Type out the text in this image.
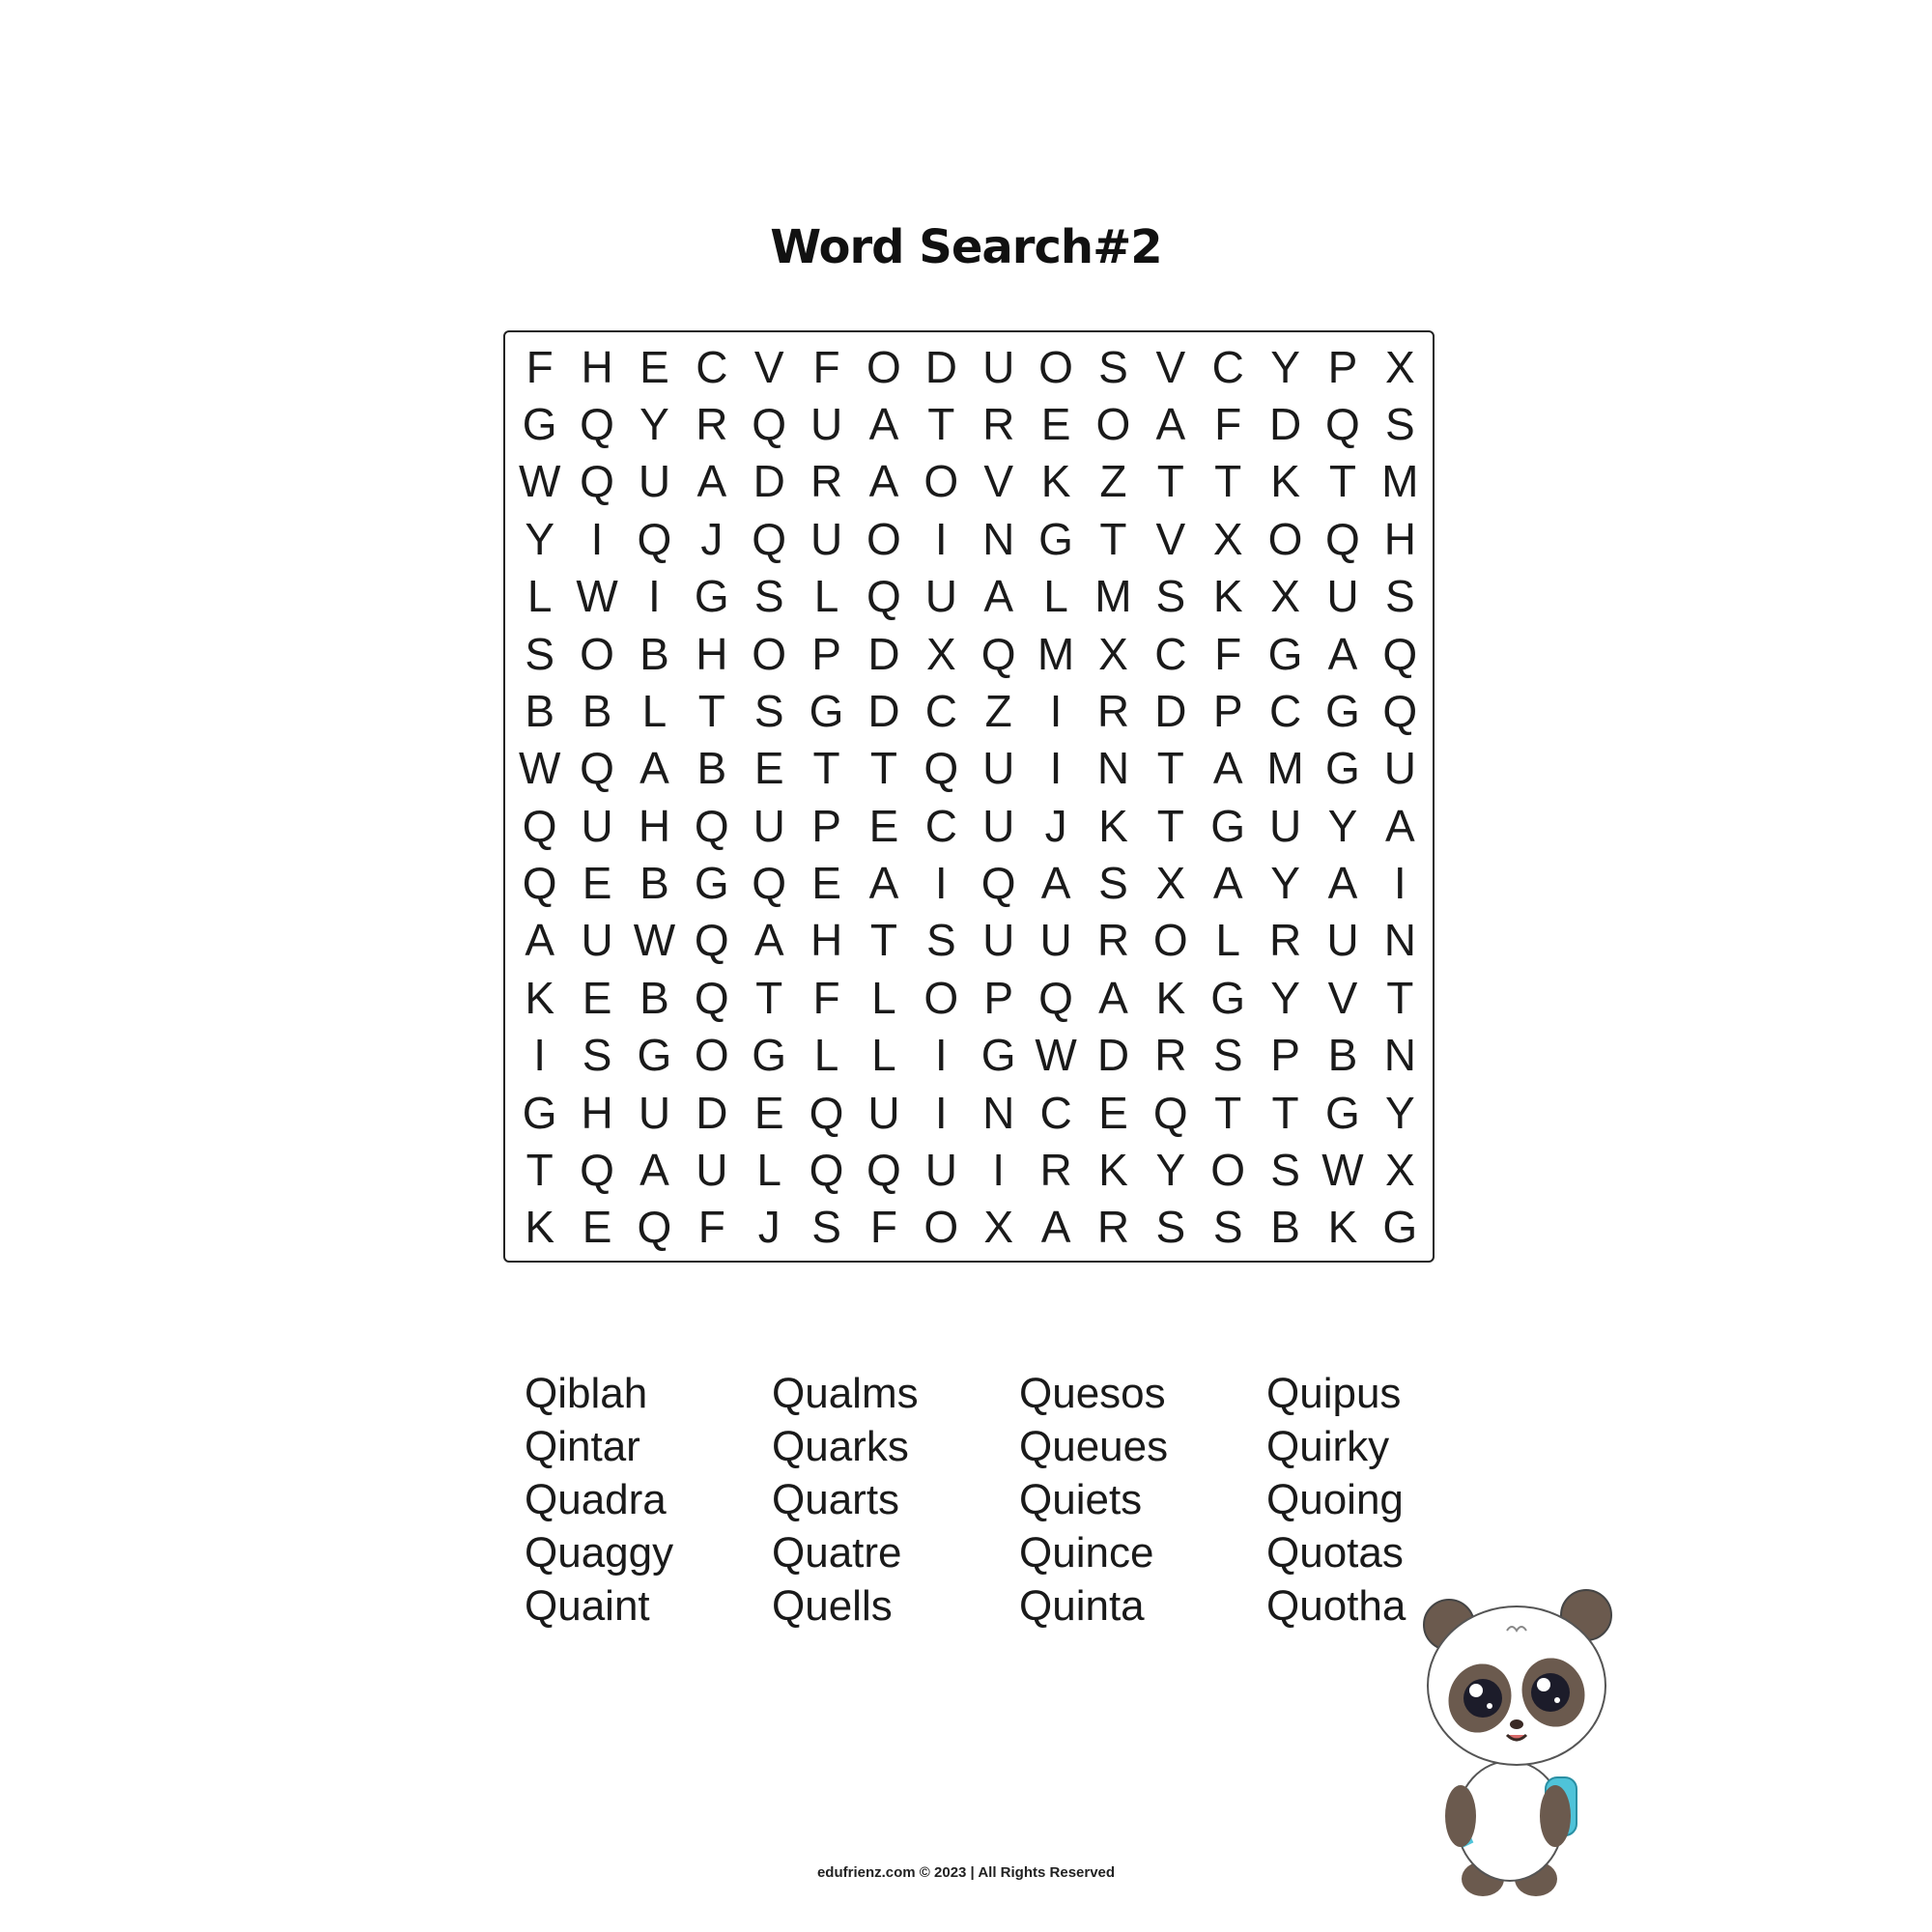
Word Search#2
F H E C V F O D U O S V C Y P X
G Q Y R Q U A T R E O A F D Q S
W Q U A D R A O V K Z T T K T M
Y I Q J Q U O I N G T V X O Q H
L W I G S L Q U A L M S K X U S
S O B H O P D X Q M X C F G A Q
B B L T S G D C Z I R D P C G Q
W Q A B E T T Q U I N T A M G U
Q U H Q U P E C U J K T G U Y A
Q E B G Q E A I Q A S X A Y A I
A U W Q A H T S U U R O L R U N
K E B Q T F L O P Q A K G Y V T
I S G O G L L I G W D R S P B N
G H U D E Q U I N C E Q T T G Y
T Q A U L Q Q U I R K Y O S W X
K E Q F J S F O X A R S S B K G
Qiblah
Qintar
Quadra
Quaggy
Quaint
Qualms
Quarks
Quarts
Quatre
Quells
Quesos
Queues
Quiets
Quince
Quinta
Quipus
Quirky
Quoing
Quotas
Quotha
edufrienz.com © 2023 | All Rights Reserved
